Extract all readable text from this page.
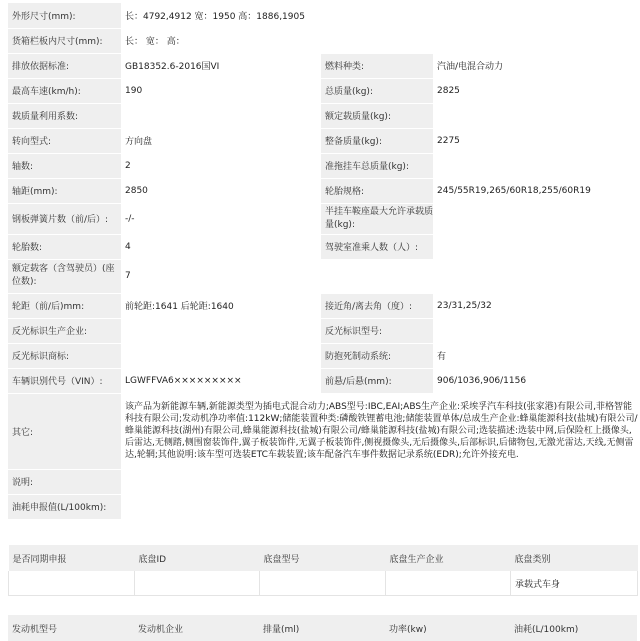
外形尺寸(mm):	长：4792,4912 宽：1950 高：1886,1905		
货箱栏板内尺寸(mm):	长： 宽： 高：		
排放依据标准:	GB18352.6-2016国VI	燃料种类:	汽油/电混合动力
最高车速(km/h):	190	总质量(kg):	2825
载质量利用系数:		额定载质量(kg):	
转向型式:	方向盘	整备质量(kg):	2275
轴数:	2	准拖挂车总质量(kg):	
轴距(mm):	2850	轮胎规格:	245/55R19,265/60R18,255/60R19
钢板弹簧片数（前/后）:	-/-	半挂车鞍座最大允许承载质量(kg):	
轮胎数:	4	驾驶室准乘人数（人）:	
额定载客（含驾驶员）(座位数):	7		
轮距（前/后)mm:	前轮距:1641 后轮距:1640	接近角/离去角（度）:	23/31,25/32
反光标识生产企业:		反光标识型号:	
反光标识商标:		防抱死制动系统:	有
车辆识别代号（VIN）:	LGWFFVA6×××××××××	前悬/后悬(mm):	906/1036,906/1156
其它:	该产品为新能源车辆,新能源类型为插电式混合动力;ABS型号:IBC,EAI;ABS生产企业:采埃孚汽车科技(张家港)有限公司,菲格智能科技有限公司;发动机净功率值:112kW;储能装置种类:磷酸铁锂蓄电池;储能装置单体/总成生产企业:蜂巢能源科技(盐城)有限公司/蜂巢能源科技(湖州)有限公司,蜂巢能源科技(盐城)有限公司/蜂巢能源科技(盐城)有限公司;选装描述:选装中网,后保险杠上摄像头,后雷达,无侧踏,侧围窗装饰件,翼子板装饰件,无翼子板装饰件,侧视摄像头,无后摄像头,后部标识,后储物包,无激光雷达,天线,无侧雷达,轮辋;其他说明:该车型可选装ETC车载装置;该车配备汽车事件数据记录系统(EDR);允许外接充电.		
说明:			
油耗申报值(L/100km):			
是否同期申报	底盘ID	底盘型号	底盘生产企业	底盘类别
				承载式车身
发动机型号	发动机企业	排量(ml)	功率(kw)	油耗(L/100km)
